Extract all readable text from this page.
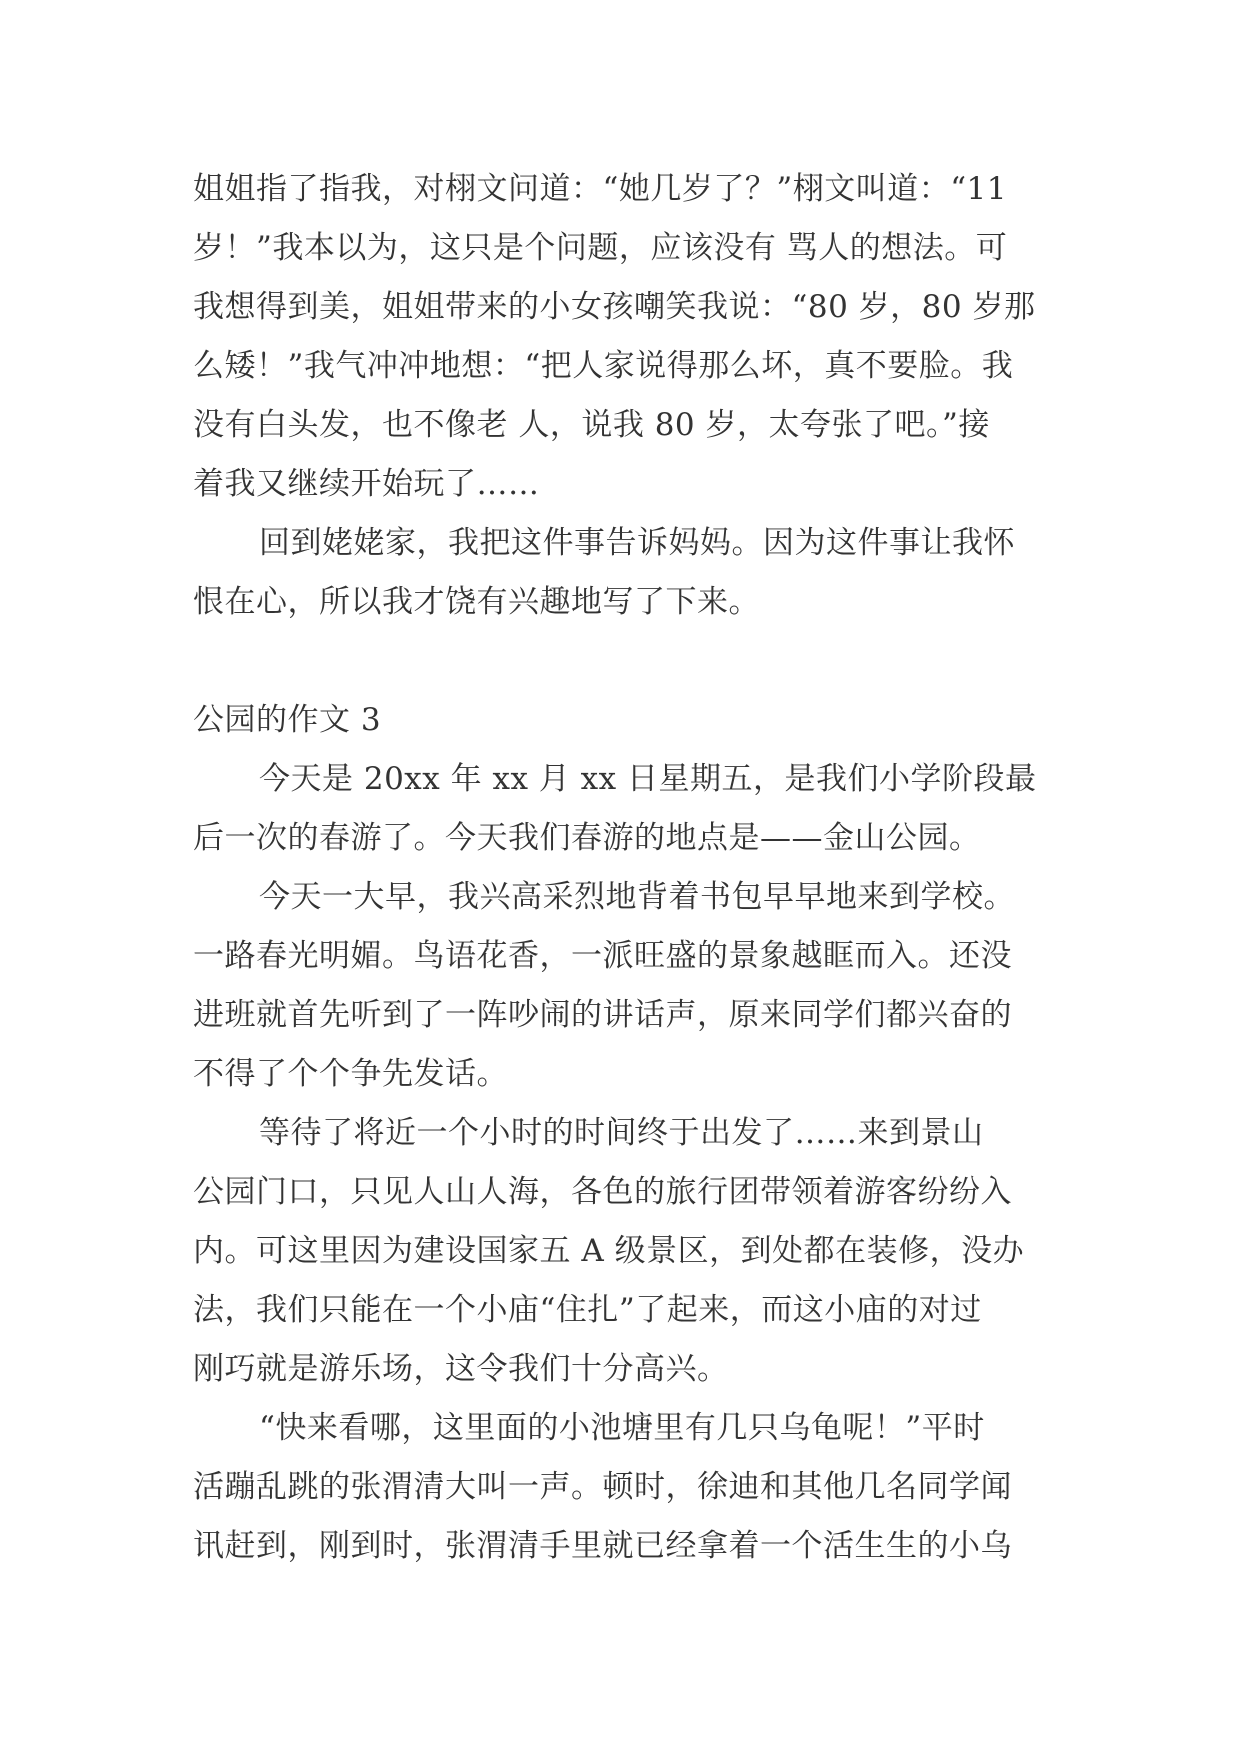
姐姐指了指我，对栩文问道：“她几岁了？”栩文叫道：“11
岁！”我本以为，这只是个问题，应该没有 骂人的想法。可
我想得到美，姐姐带来的小女孩嘲笑我说：“80 岁，80 岁那
么矮！”我气冲冲地想：“把人家说得那么坏，真不要脸。我
没有白头发，也不像老 人，说我 80 岁，太夸张了吧。”接
着我又继续开始玩了……
回到姥姥家，我把这件事告诉妈妈。因为这件事让我怀
恨在心，所以我才饶有兴趣地写了下来。
公园的作文 3
今天是 20xx 年 xx 月 xx 日星期五，是我们小学阶段最
后一次的春游了。今天我们春游的地点是——金山公园。
今天一大早，我兴高采烈地背着书包早早地来到学校。
一路春光明媚。鸟语花香，一派旺盛的景象越眶而入。还没
进班就首先听到了一阵吵闹的讲话声，原来同学们都兴奋的
不得了个个争先发话。
等待了将近一个小时的时间终于出发了……来到景山
公园门口，只见人山人海，各色的旅行团带领着游客纷纷入
内。可这里因为建设国家五 A 级景区，到处都在装修，没办
法，我们只能在一个小庙“住扎”了起来，而这小庙的对过
刚巧就是游乐场，这令我们十分高兴。
“快来看哪，这里面的小池塘里有几只乌龟呢！”平时
活蹦乱跳的张渭清大叫一声。顿时，徐迪和其他几名同学闻
讯赶到，刚到时，张渭清手里就已经拿着一个活生生的小乌
